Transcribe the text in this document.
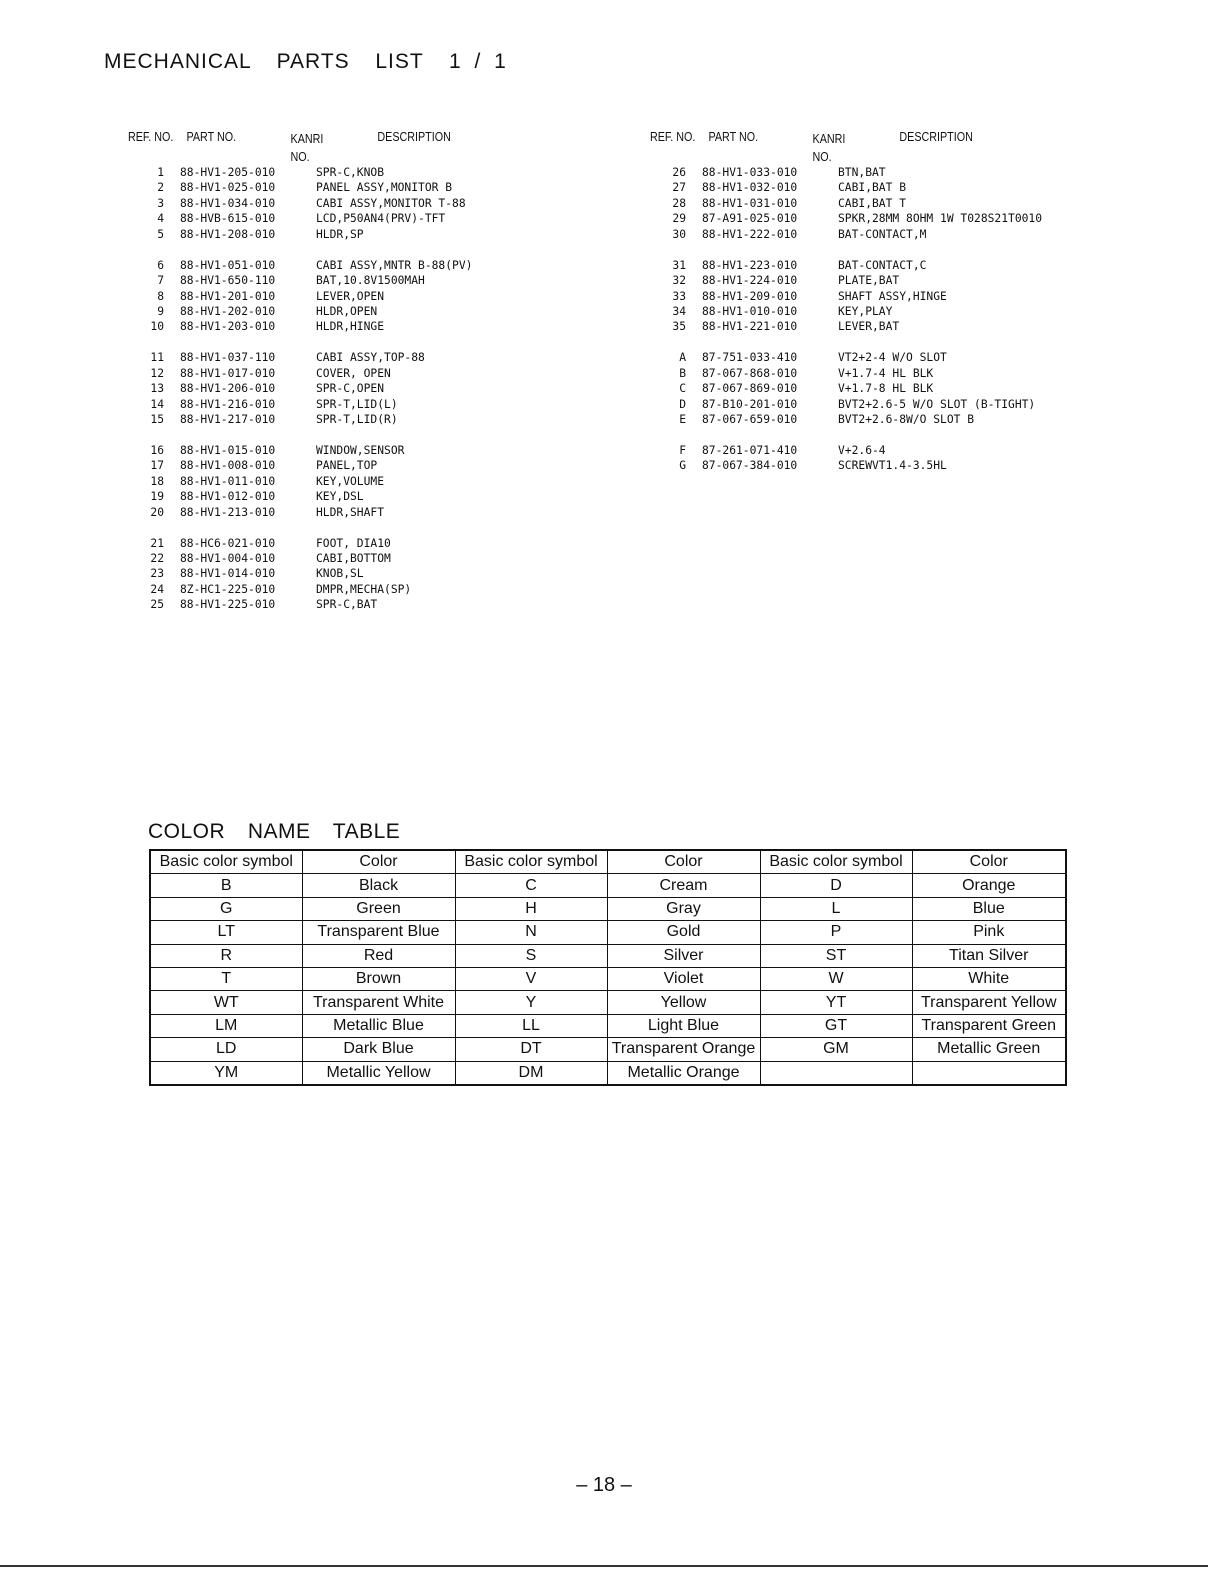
MECHANICAL  PARTS  LIST  1 / 1
REF. NO. PART NO.	KANRI
NO.
DESCRIPTION
1 88-HV1-205-010	SPR-C,KNOB
2 88-HV1-025-010	PANEL ASSY,MONITOR B
3 88-HV1-034-010	CABI ASSY,MONITOR T-88
4 88-HVB-615-010	LCD,P50AN4(PRV)-TFT
5 88-HV1-208-010	HLDR,SP
6 88-HV1-051-010	CABI ASSY,MNTR B-88(PV)
7 88-HV1-650-110	BAT,10.8V1500MAH
8 88-HV1-201-010	LEVER,OPEN
9 88-HV1-202-010	HLDR,OPEN
10 88-HV1-203-010	HLDR,HINGE
11 88-HV1-037-110	CABI ASSY,TOP-88
12 88-HV1-017-010	COVER, OPEN
13 88-HV1-206-010	SPR-C,OPEN
14 88-HV1-216-010	SPR-T,LID(L)
15 88-HV1-217-010	SPR-T,LID(R)
16 88-HV1-015-010	WINDOW,SENSOR
17 88-HV1-008-010	PANEL,TOP
18 88-HV1-011-010	KEY,VOLUME
19 88-HV1-012-010	KEY,DSL
20 88-HV1-213-010	HLDR,SHAFT
21 88-HC6-021-010	FOOT, DIA10
22 88-HV1-004-010	CABI,BOTTOM
23 88-HV1-014-010	KNOB,SL
24 8Z-HC1-225-010	DMPR,MECHA(SP)
25 88-HV1-225-010	SPR-C,BAT
REF. NO. PART NO.	KANRI
NO.
DESCRIPTION
26 88-HV1-033-010	BTN,BAT
27 88-HV1-032-010	CABI,BAT B
28 88-HV1-031-010	CABI,BAT T
29 87-A91-025-010	SPKR,28MM 8OHM 1W T028S21T0010
30 88-HV1-222-010	BAT-CONTACT,M
31 88-HV1-223-010	BAT-CONTACT,C
32 88-HV1-224-010	PLATE,BAT
33 88-HV1-209-010	SHAFT ASSY,HINGE
34 88-HV1-010-010	KEY,PLAY
35 88-HV1-221-010	LEVER,BAT
A 87-751-033-410	VT2+2-4 W/O SLOT
B 87-067-868-010	V+1.7-4 HL BLK
C 87-067-869-010	V+1.7-8 HL BLK
D 87-B10-201-010	BVT2+2.6-5 W/O SLOT (B-TIGHT)
E 87-067-659-010	BVT2+2.6-8W/O SLOT B
F 87-261-071-410	V+2.6-4
G 87-067-384-010	SCREWVT1.4-3.5HL
COLOR  NAME  TABLE
Basic color symbol	Color	Basic color symbol	Color	Basic color symbol	Color
B	Black	C	Cream	D	Orange
G	Green	H	Gray	L	Blue
LT	Transparent Blue	N	Gold	P	Pink
R	Red	S	Silver	ST	Titan Silver
T	Brown	V	Violet	W	White
WT	Transparent White	Y	Yellow	YT	Transparent Yellow
LM	Metallic Blue	LL	Light Blue	GT	Transparent Green
LD	Dark Blue	DT	Transparent Orange	GM	Metallic Green
YM	Metallic Yellow	DM	Metallic Orange		
– 18 –
